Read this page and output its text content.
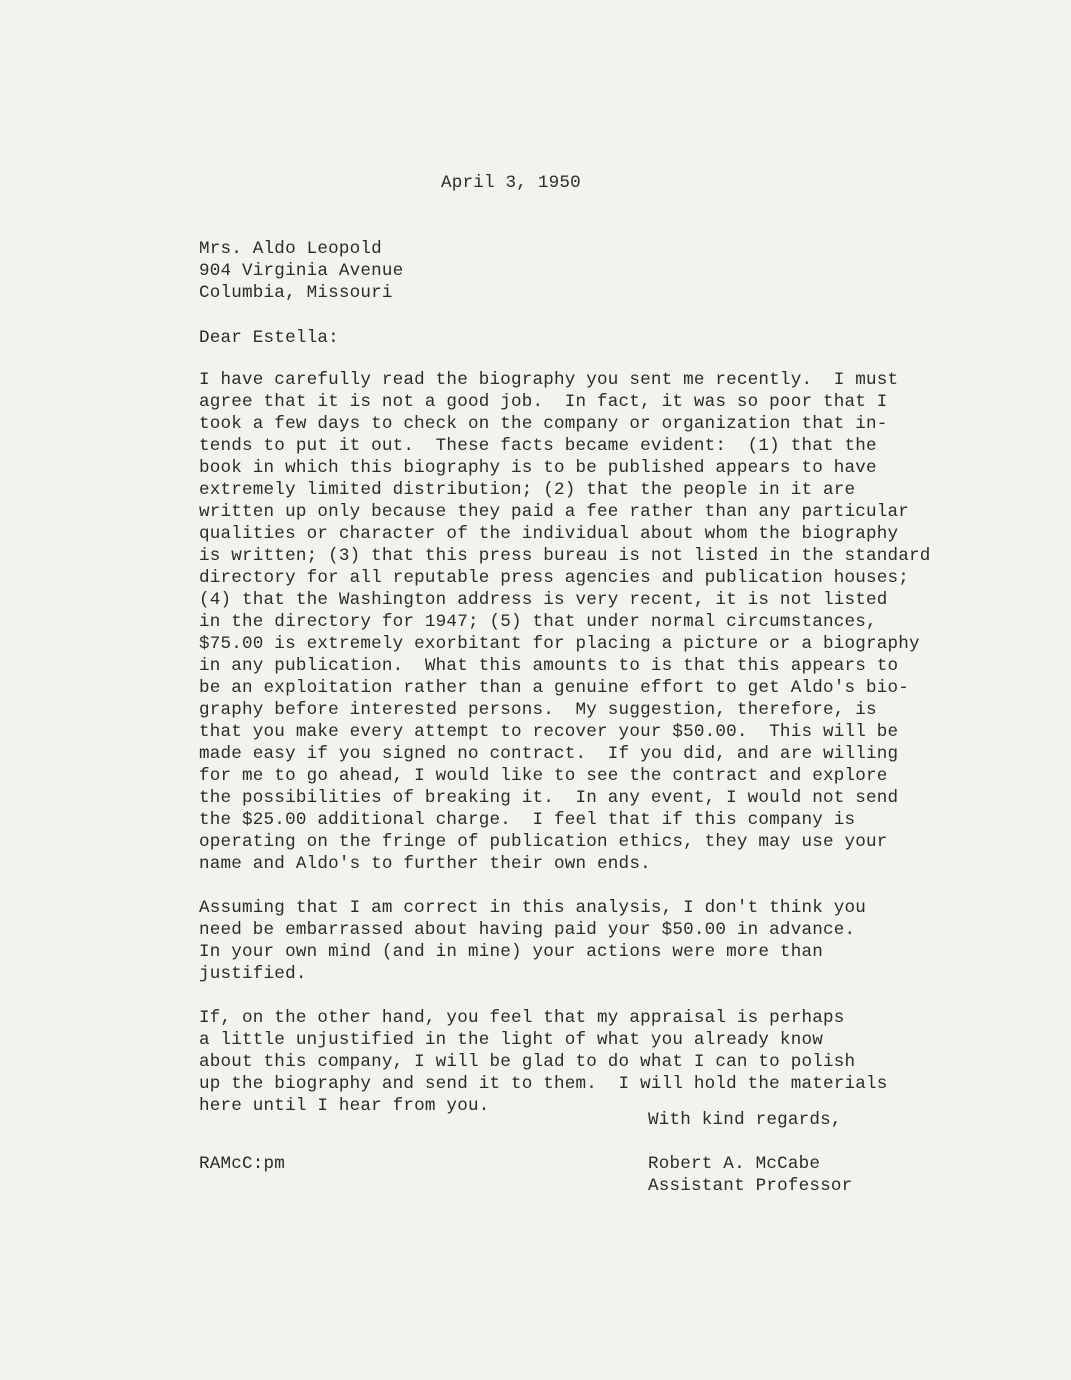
April 3, 1950
Mrs. Aldo Leopold
904 Virginia Avenue
Columbia, Missouri
Dear Estella:
I have carefully read the biography you sent me recently.  I must
agree that it is not a good job.  In fact, it was so poor that I
took a few days to check on the company or organization that in-
tends to put it out.  These facts became evident:  (1) that the
book in which this biography is to be published appears to have
extremely limited distribution; (2) that the people in it are
written up only because they paid a fee rather than any particular
qualities or character of the individual about whom the biography
is written; (3) that this press bureau is not listed in the standard
directory for all reputable press agencies and publication houses;
(4) that the Washington address is very recent, it is not listed
in the directory for 1947; (5) that under normal circumstances,
$75.00 is extremely exorbitant for placing a picture or a biography
in any publication.  What this amounts to is that this appears to
be an exploitation rather than a genuine effort to get Aldo's bio-
graphy before interested persons.  My suggestion, therefore, is
that you make every attempt to recover your $50.00.  This will be
made easy if you signed no contract.  If you did, and are willing
for me to go ahead, I would like to see the contract and explore
the possibilities of breaking it.  In any event, I would not send
the $25.00 additional charge.  I feel that if this company is
operating on the fringe of publication ethics, they may use your
name and Aldo's to further their own ends.
Assuming that I am correct in this analysis, I don't think you
need be embarrassed about having paid your $50.00 in advance.
In your own mind (and in mine) your actions were more than
justified.
If, on the other hand, you feel that my appraisal is perhaps
a little unjustified in the light of what you already know
about this company, I will be glad to do what I can to polish
up the biography and send it to them.  I will hold the materials
here until I hear from you.
With kind regards,
RAMcC:pm	Robert A. McCabe
Assistant Professor
